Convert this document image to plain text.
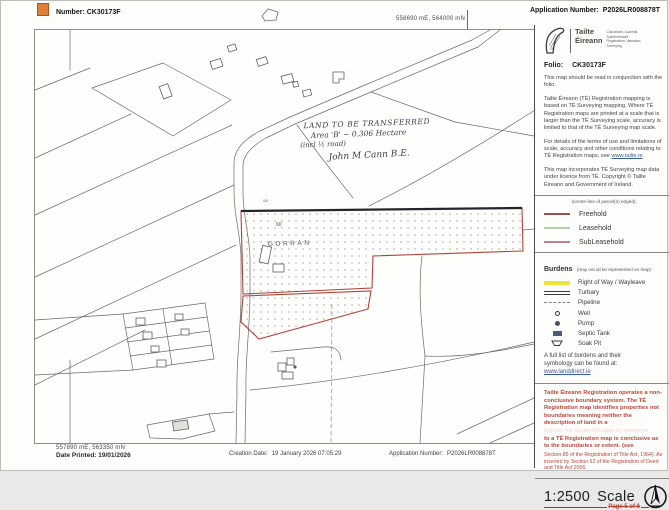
Number: CK30173F	Application Number: P2026LR008878T
558690 mE, 564000 mN
GORRAN
60
0A
LAND TO BE TRANSFERRED
Area 'B' ~ 0.306 Hectare
(incl ½ road)
John M Cann B.E.
557890 mE, 563350 mN
Date Printed: 19/01/2026	Creation Date: 19 January 2026 07:05:29	Application Number: P2026LR008878T
Tailte
Éireann
Clárúcháin, Luacháil,
Suirbhéireacht
Registration, Valuation,
Surveying
Folio: CK30173F
This map should be read in conjunction with the folio.
Tailte Éireann (TÉ) Registration mapping is based on TÉ Surveying mapping. Where TÉ Registration maps are printed at a scale that is larger than the TÉ Surveying scale, accuracy is limited to that of the TÉ Surveying map scale.
For details of the terms of use and limitations of scale, accuracy and other conditions relating to TÉ Registration maps, see www.tailte.ie.
This map incorporates TÉ Surveying map data under licence from TÉ. Copyright © Tailte Éireann and Government of Ireland.
(centre-line of parcel(s) edged)
Freehold
Leasehold
SubLeasehold
Burdens (may not all be represented on map)
Right of Way / Wayleave
Turbary
Pipeline
Well
Pump
Septic Tank
Soak Pit
A full list of burdens and their symbology can be found at:
www.landdirect.ie
Tailte Éireann Registration operates a non-conclusive boundary system. The TÉ Registration map identifies properties not boundaries meaning neither the description of land in a
register nor its identification by reference
to a TÉ Registration map is conclusive as to the boundaries or extent. (see
Section 85 of the Registration of Title Act, 1964). As inserted by Section 62 of the Registration of Deed and Title Act 2006.
1:2500 Scale
Page 5 of 6
